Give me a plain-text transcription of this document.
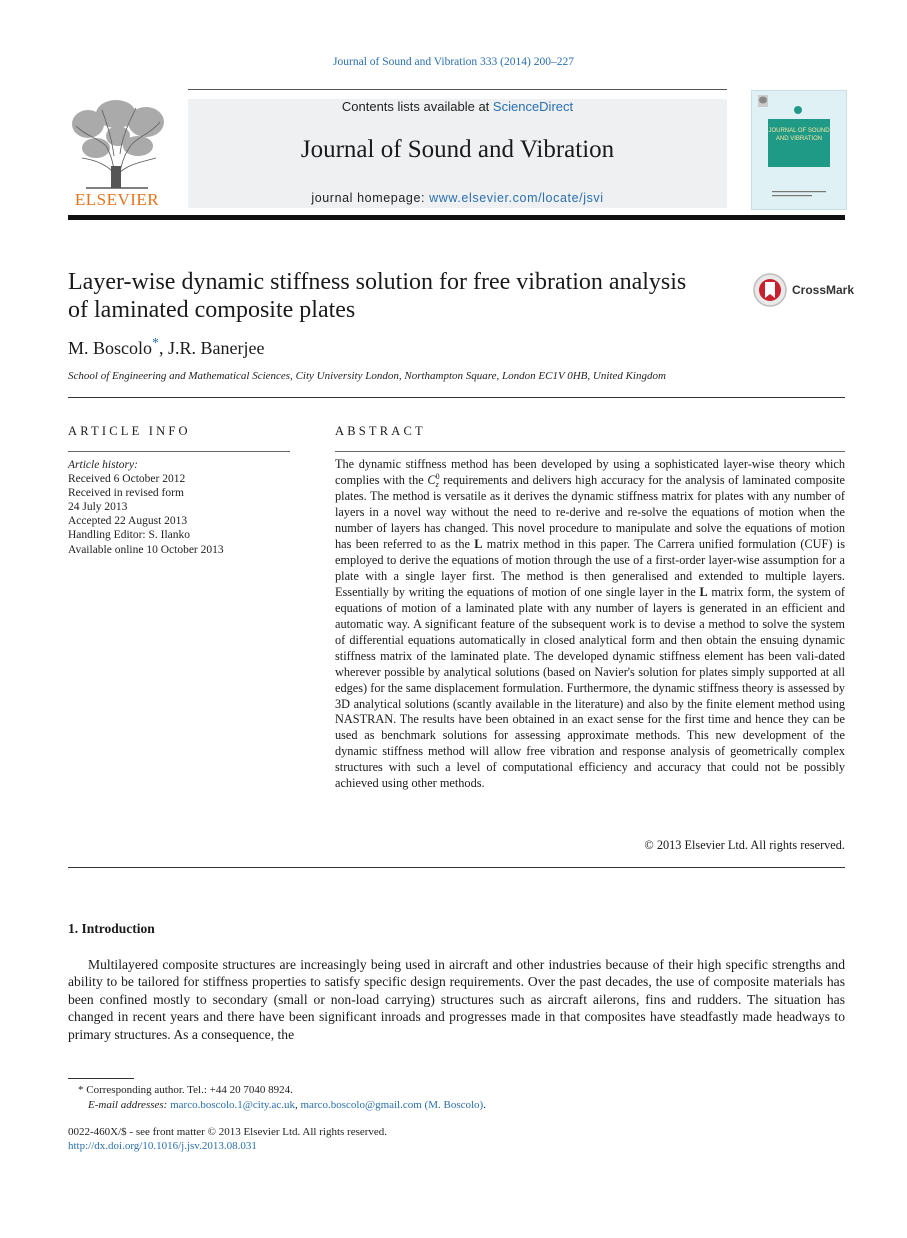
Journal of Sound and Vibration 333 (2014) 200–227
ELSEVIER
Contents lists available at ScienceDirect
Journal of Sound and Vibration
journal homepage: www.elsevier.com/locate/jsvi
JOURNAL OF SOUND AND VIBRATION
Layer-wise dynamic stiffness solution for free vibration analysis of laminated composite plates
CrossMark
M. Boscolo*, J.R. Banerjee
School of Engineering and Mathematical Sciences, City University London, Northampton Square, London EC1V 0HB, United Kingdom
ARTICLE INFO
Article history:
Received 6 October 2012
Received in revised form
24 July 2013
Accepted 22 August 2013
Handling Editor: S. Ilanko
Available online 10 October 2013
ABSTRACT
The dynamic stiffness method has been developed by using a sophisticated layer-wise theory which complies with the C 0
z requirements and delivers high accuracy for the analysis of laminated composite plates. The method is versatile as it derives the dynamic stiffness matrix for plates with any number of layers in a novel way without the need to re-derive and re-solve the equations of motion when the number of layers has changed. This novel procedure to manipulate and solve the equations of motion has been referred to as the L matrix method in this paper. The Carrera unified formulation (CUF) is employed to derive the equations of motion through the use of a first-order layer-wise assumption for a plate with a single layer first. The method is then generalised and extended to multiple layers. Essentially by writing the equations of motion of one single layer in the L matrix form, the system of equations of motion of a laminated plate with any number of layers is generated in an efficient and automatic way. A significant feature of the subsequent work is to devise a method to solve the system of differential equations automatically in closed analytical form and then obtain the ensuing dynamic stiffness matrix of the laminated plate. The developed dynamic stiffness element has been vali-dated wherever possible by analytical solutions (based on Navier's solution for plates simply supported at all edges) for the same displacement formulation. Furthermore, the dynamic stiffness theory is assessed by 3D analytical solutions (scantly available in the literature) and also by the finite element method using NASTRAN. The results have been obtained in an exact sense for the first time and hence they can be used as benchmark solutions for assessing approximate methods. This new development of the dynamic stiffness method will allow free vibration and response analysis of geometrically complex structures with such a level of computational efficiency and accuracy that could not be possibly achieved using other methods.
© 2013 Elsevier Ltd. All rights reserved.
1. Introduction
Multilayered composite structures are increasingly being used in aircraft and other industries because of their high specific strengths and ability to be tailored for stiffness properties to satisfy specific design requirements. Over the past decades, the use of composite materials has been confined mostly to secondary (small or non-load carrying) structures such as aircraft ailerons, fins and rudders. The situation has changed in recent years and there have been significant inroads and progresses made in that composites have steadfastly made headways to primary structures. As a consequence, the
* Corresponding author. Tel.: +44 20 7040 8924.
E-mail addresses: marco.boscolo.1@city.ac.uk, marco.boscolo@gmail.com (M. Boscolo).
0022-460X/$ - see front matter © 2013 Elsevier Ltd. All rights reserved.
http://dx.doi.org/10.1016/j.jsv.2013.08.031
